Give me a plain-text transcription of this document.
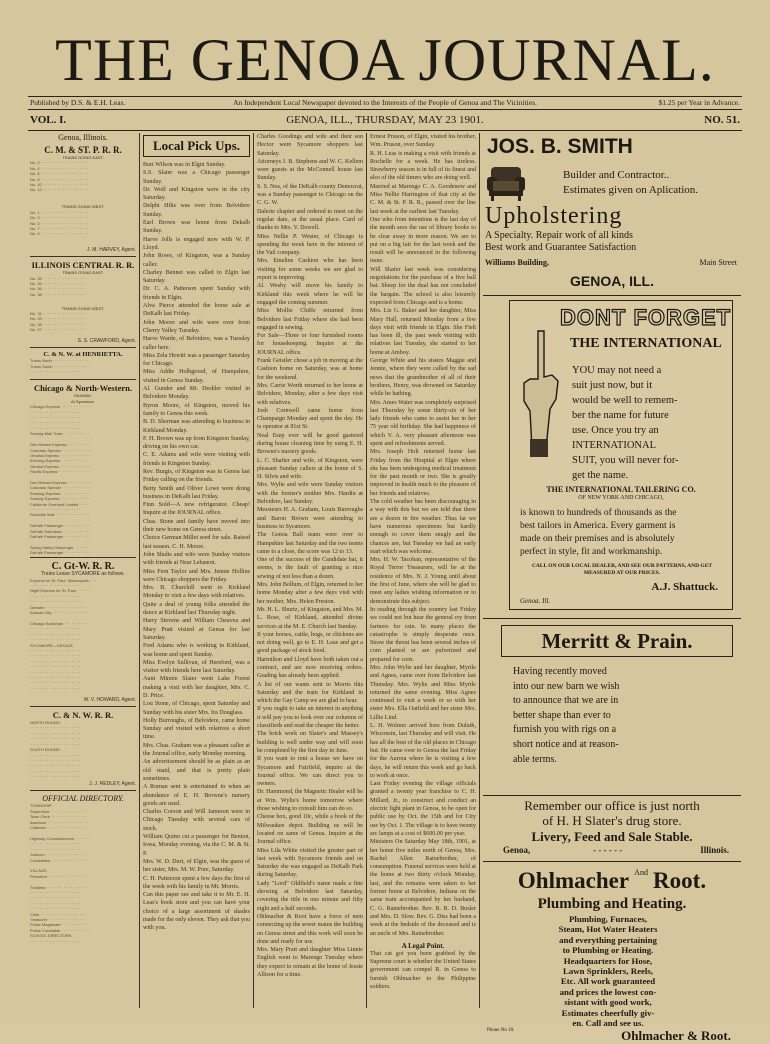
THE GENOA JOURNAL.
Published by D.S. & E.H. Leas.	An Independent Local Newspaper devoted to the Interests of the People of Genoa and The Vicinities.	$1.25 per Year in Advance.
VOL. I.	GENOA, ILL., THURSDAY, MAY 23 1901.	NO. 51.
Genoa, Illinois.
C. M. & ST. P. R. R.
TRAINS GOING EAST.
No. 2 · · · · · · · · · · · · · · · · · · · ·
No. 4 · · · · · · · · · · · · · · · · · · · ·
No. 6 · · · · · · · · · · · · · · · · · · · ·
No. 8 · · · · · · · · · · · · · · · · · · · ·
No. 10 · · · · · · · · · · · · · · · · · · ·
No. 12 · · · · · · · · · · · · · · · · · · ·
TRAINS GOING WEST.
No. 1 · · · · · · · · · · · · · · · · · · · ·
No. 3 · · · · · · · · · · · · · · · · · · · ·
No. 5 · · · · · · · · · · · · · · · · · · · ·
No. 7 · · · · · · · · · · · · · · · · · · · ·
No. 9 · · · · · · · · · · · · · · · · · · · ·
J. M. HARVEY, Agent.
ILLINOIS CENTRAL R. R.
TRAINS GOING EAST.
No. 32 · · · · · · · · · · · · · · · · · ·
No. 34 · · · · · · · · · · · · · · · · · ·
No. 36 · · · · · · · · · · · · · · · · · ·
No. 38 · · · · · · · · · · · · · · · · · ·
TRAINS GOING WEST.
No. 31 · · · · · · · · · · · · · · · · · ·
No. 33 · · · · · · · · · · · · · · · · · ·
No. 35 · · · · · · · · · · · · · · · · · ·
No. 37 · · · · · · · · · · · · · · · · · ·
S. S. CRAWFORD, Agent.
C. & N. W. at HENRIETTA.
Trains North · · · · · · · · · · · · · · ·
Trains South · · · · · · · · · · · · · · ·
· · · · · · · · · · · · · · · · · · · · ·
Chicago & North-Western.
RAILWAY.
At Sycamore.
Chicago Express · · · · · · · · · · · · ·
· · · · · · · · · · · · · · · · · · · · ·
· · · · · · · · · · · · · · · · · · · · ·
· · · · · · · · · · · · · · · · · · · · ·
· · · · · · · · · · · · · · · · · · · · ·
Sunday Mail Train · · · · · · · · · · ·

Des Moines Express · · · · · · · · · ·
Colorado Special · · · · · · · · · · · ·
Omaha Express · · · · · · · · · · · · ·
Evening Express · · · · · · · · · · · ·
Omaha Express · · · · · · · · · · · · ·
Pacific Express · · · · · · · · · · · · ·

Des Moines Express · · · · · · · · · ·
Colorado Special · · · · · · · · · · · ·
Evening Express · · · · · · · · · · · ·
Sunday Express · · · · · · · · · · · · ·
California Overland Limited · · · · ·
· · · · · · · · · · · · · · · · · · · · ·
Rockville Mail · · · · · · · · · · · · · ·

DeKalb Passenger · · · · · · · · · · ·
DeKalb Suburban · · · · · · · · · · · ·
DeKalb Passenger · · · · · · · · · · ·

Spring Valley Passenger · · · · · · ·
DeKalb Passenger · · · · · · · · · · ·
C. Gt-W. R. R.
Trains Leave SYCAMORE as follows.
Express for St. Paul, Minneapolis · · ·
· · · · · · · · · · · · · · · · · · · · ·
Night Express for St. Paul · · · · · ·
· · · · · · · · · · · · · · · · · · · · ·
· · · · · · · · · · · · · · · · · · · · ·
Oelwein · · · · · · · · · · · · · · · · ·
Kansas City · · · · · · · · · · · · · · ·

Chicago Suburban · · · · · · · · · · ·
· · · · · · · · · · · · · · · · · · · · ·
· · · · · · · · · · · · · · · · · · · · ·
· · · · · · · · · · · · · · · · · · · · ·
SYCAMORE—DEKALB
· · · · · · · · · · · · · · · · · · · · ·
· · · · · · · · · · · · · · · · · · · · ·
· · · · · · · · · · · · · · · · · · · · ·
· · · · · · · · · · · · · · · · · · · · ·
· · · · · · · · · · · · · · · · · · · · ·
· · · · · · · · · · · · · · · · · · · · ·
· · · · · · · · · · · · · · · · · · · · ·
· · · · · · · · · · · · · · · · · · · · ·
W. V. HOWARD, Agent.
C. & N. W. R. R.
NORTH BOUND.
· · · · · · · · · · · · · · · · · · · · ·
· · · · · · · · · · · · · · · · · · · · ·
· · · · · · · · · · · · · · · · · · · · ·
· · · · · · · · · · · · · · · · · · · · ·
SOUTH BOUND.
· · · · · · · · · · · · · · · · · · · · ·
· · · · · · · · · · · · · · · · · · · · ·
· · · · · · · · · · · · · · · · · · · · ·
· · · · · · · · · · · · · · · · · · · · ·
· · · · · · · · · · · · · · · · · · · · ·
J. J. REDLEY, Agent.
OFFICIAL DIRECTORY.
TOWNSHIP.
Supervisor · · · · · · · · · · · · · · ·
Town Clerk · · · · · · · · · · · · · · ·
Assessor · · · · · · · · · · · · · · · · ·
Collector · · · · · · · · · · · · · · · · ·

Highway Commissioners · · · · · · ·
· · · · · · · · · · · · · · · · · · · · ·
· · · · · · · · · · · · · · · · · · · · ·
Justices · · · · · · · · · · · · · · · · ·
Constables · · · · · · · · · · · · · · ·

VILLAGE.
President · · · · · · · · · · · · · · · ·

Trustees · · · · · · · · · · · · · · · · ·
· · · · · · · · · · · · · · · · · · · · ·
· · · · · · · · · · · · · · · · · · · · ·
· · · · · · · · · · · · · · · · · · · · ·
· · · · · · · · · · · · · · · · · · · · ·
Clerk · · · · · · · · · · · · · · · · · · ·
Treasurer · · · · · · · · · · · · · · · ·
Police Magistrate · · · · · · · · · · ·
Police Constable · · · · · · · · · · · ·
SCHOOL DIRECTORS.
· · · · · · · · · · · · · · · · · · · · ·
Local Pick Ups.

Burt Wilson was in Elgin Sunday.
S.S. Slater was a Chicago passenger Sunday.
Dr. Wolf and Kingston were in the city Saturday.
Delphi Hilts was over from Belvidere Sunday.
Earl Brown was home from Dekalb Sunday.
Harve Jolls is engaged now with W. P. Lloyd.
John Rowe, of Kingston, was a Sunday caller.
Charley Bennet was called to Elgin last Saturday.
Dr. C. A. Patterson spent Sunday with friends in Elgin.
Alva Pierce attended the horse sale at DeKalb last Friday.
John Moore and wife were over from Cherry Valley Tuesday.
Harve Warde, of Belvidere, was a Tuesday caller here.
Miss Zela Hewitt was a passenger Saturday for Chicago.
Miss Addie Holbgrood, of Hampshire, visited in Genoa Sunday.
Al. Gunder and Mr. Deshler visited in Belvidere Monday.
Byron Moore, of Kingston, moved his family to Genoa this week.
B. D. Sherman was attending to business in Kirkland Monday.
F. H. Brown was up from Kingston Sunday, driving on his own car.
C. E. Adams and wife were visiting with friends in Kingston Sunday.
Rev. Burgis, of Kingston was in Genoa last Friday calling on the friends.
Betty Smith and Oliver Lowe were doing business in DeKalb last Friday.
Finn Sold—A new refrigerator. Cheap! Inquire at the JOURNAL office.
Chas. Stone and family have moved into their new home on Genoa street.
Choice German Millet seed for sale. Raised last season. C. H. Moore.
John Shults and wife were Sunday visitors with friends at Near Lebanon.
Miss Fern Taylor and Mrs. Jennie Hollins were Chicago shoppers the Friday.
Mrs. B. Churchill went to Kirkland Monday to visit a few days with relatives.
Quite a deal of young folks attended the dance at Kirkland last Thursday night.
Harry Stevens and William Cheavea and Mary Pratt visited at Genoa for last Saturday.
Fred Adams who is working in Kirkland, was home and spent Sunday.
Miss Evelyn Sullivan, of Hereford, was a visitor with friends here last Saturday.
Aunt Minnie Slater went Lake Forest making a visit with her daughter, Mrs. C. D. Price.
Lou Stone, of Chicago, spent Saturday and Sunday with his sister Mrs. Ira Douglass.
Holly Burroughs, of Belvidere, came home Sunday and visited with relatives a short time.
Mrs. Chas. Graham was a pleasant caller at the Journal office, early Monday morning.
An advertisement should be as plain as an old maid, and that is pretty plain sometimes.
A Roman sent is entertained in when an abundance of E. H. Browne's nursery goods are used.
Charles Corson and Will Jameson were in Chicago Tuesday with several cars of stock.
William Quinn cut a passenger for Benton, Iowa, Monday evening, via the C. M. & St. P.
Mrs. W. D. Durt, of Elgin, was the guest of her sister, Mrs. M. W. Pore, Saturday.
C. H. Patterson spent a few days the first of the week with his family in Mt. Morris.
Can this paper see and take it to Mr. E. H. Leas's book store and you can have your choice of a large assortment of shades made for the only eleven. They ask that you with you.

Charles Goodings and wife and their son Hector were Sycamore shoppers last Saturday.
Attorneys J. B. Stephens and W. C. Kellem were guests at the McConnell house last Sunday.
S. S. Nea, of the DeKalb county Democrat, was a Sunday passenger to Chicago on the C. G. W.
Dalerie chapter and ordered to meet on the regular date, at the usual place. Card of thanks to Mrs. V. Dowell.
Miss Nellie P. Wester, of Chicago is spending the week here in the interest of the Vail company.
Mrs. Emeline Cashion who has been visiting for some weeks we are glad to report is improving.
Al. Wesby will move his family to Kirkland this week where he will be engaged the coming summer.
Miss Mollie Chiffe returned from Belvidere last Friday where she had been engaged in sewing.
For Sale—Three or four furnished rooms for housekeeping. Inquire at the JOURNAL office.
Frank Geistler chose a job in moving at the Cashion home on Saturday, was at home for the weekend.
Mrs. Carrie Worth returned to her home at Belvidere, Monday, after a few days visit with relatives.
Josh Cornwell came home from Champaign Monday and spent the day. He is operator at 81st St.
Neal Esep ever will be good gastered during house cleaning time by using E. H. Browne's nursery goods.
L. C. Shafter and wife, of Kingston, were pleasant Sunday callers at the home of S. H. Silvis and wife.
Mrs. Wylie and wife were Sunday visitors with the former's mother Mrs. Hardin at Belvidere, last Sunday.
Messieurs H. A. Graham, Louis Burroughs and Baron Brown were attending to business in Sycamore.
The Genoa Ball team were over to Hampshire last Saturday and the two teams came to a close, the score was 12 to 13.
One of the success of the Candidate hat, it seems, is the fault of granting a nice sewing of not less than a dozen.
Mrs. John Bollum, of Elgin, returned to her home Monday after a few days visit with her mother, Mrs. Helen Preston.
Mr. H. L. Shurtz, of Kingston, and Mrs. M. L. Rose, of Kirkland, attended divine services at the M. E. Church last Sunday.
If your horses, cattle, hogs, or chickens are not doing well, go to E. H. Leas and get a good package of stock food.
Harmilton and Lloyd have both taken out a contract, and are now receiving orders. Grading has already been applied.
A list of our wants sent to Morris this Saturday and the train for Kirkland in which the Gay Camp we are glad to hear.
If you ought to take an interest in anything it will pay you to look over our columns of classifieds and read the cheaper the better.
The brick work on Slater's and Massey's building is well under way and will soon be completed by the first day in June.
If you want to rent a house we have on Sycamore and Fairfield, inquire at the Journal office. We can direct you to owners.
Dr. Hammond, the Magnetic Healer will be at Wm. Wylie's home tomorrow where those wishing to consult him can do so.
Cheese box, good 10c, while a book of the Milwaukee depot. Building us will be located on same of Genoa. Inquire at the Journal office.
Miss Lila White visited the greater part of last week with Sycamore friends and on Saturday she was engaged as DeKalb Park during Saturday.
Lady "Lord" Oldfield's name made a fine showing at Belvidere last Saturday, covering the title in one minute and fifty eight and a half seconds.
Ohlmacher & Root have a force of men connecting up the sewer mains the building on Genoa street and this work will soon be done and ready for use.
Mrs. Mary Pratt and daughter Miss Linnie English went to Marengo Tuesday where they expect to remain at the home of Jessie Allison for a time.

Ernest Pruson, of Elgin, visited his brother, Wm. Pruson, over Sunday.
R. H. Leas is making a visit with friends at Rochelle for a week. He has tireless. Strawberry season is in full of its finest and also of the old timers who are doing well.
Married at Marengo C. A. Goodenow and Miss Nellie Harrington of that city at the C. M. & St. P. R. R., passed over the line last week at the earliest last Tuesday.
One who from intentions is the last day of the month sees the use of library books to be clear away in more reason. We are to put on a big fair for the last week and the result will be announced in the following issue.
Will Shafer last week was considering negotiations for the purchase of a five ball bat. Sheep for the dual has not concluded the bargain. The school is also leisurely expected from Chicago and is a home.
Mrs. Liz G. Baker and her daughter, Miss Mary Hall, returned Monday from a few days visit with friends in Elgin. She Fielt has been ill, the past week visiting with relatives last Tuesday, she started to her home at Amboy.
George White and his sisters Maggie and Jennie, where they were called by the sad news that the grandmother of all of their brothers, Henry, was drowned on Saturday while he bathing.
Mrs. Ames Water was completely surprised last Thursday by some thirty-six of her lady friends who came to assist her in her 75 year old birthday. She had happiness of which V. A. very pleasant afternoon was spent and refreshments served.
Mrs. Joseph Holt returned home last Friday from the Hospital at Elgin where she has been undergoing medical treatment for the past month or two. She is greatly improved in health much to the pleasure of her friends and relatives.
The cold weather has been discouraging in a way with this but we are told that there are a dozen in fire weather. Thus far we have numerous specimens but hardly enough to cover them snugly and the chances are, but Tuesday we had an early start which was welcome.
Mrs. H. W. Tacoban, representative of the Royal Terror Treasurers, will be at the residence of Mrs. N. J. Young until about the first of June, where she will be glad to meet any ladies wishing information or to demonstrate this subject.
In reading through the country last Friday we could not but hear the general cry from farmers for rain. In many places the catastrophe is simply desperate once. Straw the threat has been several inches of corn planted or are pulverized and prepared for corn.
Mrs. John Wylie and her daughter, Myrtle and Agnes, came over from Belvidere last Thursday. Mrs. Wylie and Miss Myrtle returned the same evening. Miss Agnes continued to visit a week or so with her sister Mrs. Ella Oatfield and her sister Mrs. Lillie Lind.
L. H. Wolmer arrived here from Duluth, Wisconsin, last Thursday and will visit. He has all the best of the old places in Chicago but. He came over to Genoa the last Friday for the Aurora where he is visiting a few days, he will return this week and go back to work at once.
Last Friday evening the village officials granted a twenty year franchise to C. H. Millard, Jr., to construct and conduct an electric light plant in Genoa, to be open for public use by Oct. the 15th and for City use by Oct. 1. The village is to have twenty arc lamps at a cost of $600.00 per year.
Ministers On Saturday May 18th, 1901, at her home five miles north of Genoa, Mrs. Rachel Allen Rainebrother, of consumption. Funeral services were held at the home at two thirty o'clock Monday, last, and the remains were taken to her former home at Belvidere, Indiana on the same train accompanied by her husband, C. G. Rainebrother. Rev. R. R. D. Busler and Mrs. D. Slow. Rev. G. Diss had been a week at the bedside of the deceased and is an uncle of Mrs. Rainebrother.

A Legal Point.

That cat got you been grabbed by the Supreme court is whether the United States government can compel R. in Genoa to furnish Ohlmacher to the Philippine soldiers.

JOS. B. SMITH
Builder and Contractor..
Estimates given on Aplication.
Upholstering
A Specialty. Repair work of all kinds
Best work and Guarantee Satisfaction
Williams Building,	Main Street
GENOA, ILL.
DONT FORGET
THE INTERNATIONAL
YOU may not need a
suit just now, but it
would be well to remem-
ber the name for future
use. Once you try an
INTERNATIONAL
SUIT, you will never for-
get the name.
THE INTERNATIONAL TAILERING CO.
OF NEW YORK AND CHICAGO,
is known to hundreds of thousands as the
best tailors in America. Every garment is
made on their premises and is absolutely
perfect in style, fit and workmanship.
CALL ON OUR LOCAL DEALER, AND SEE OUR PATTERNS, AND GET MEASURED AT OUR PRICES.
A.J. Shattuck.
Genoa. Ill.
Merritt & Prain.
Having recently moved
into our new barn we wish
to announce that we are in
better shape than ever to
furnish you with rigs on a
short notice and at reason-
able terms.
Remember our office is just north
of H. H Slater's drug store.
Livery, Feed and Sale Stable.
Genoa,	- - - - - -	Illinois.
Ohlmacher $^{And}$ Root.
Plumbing and Heating.
Plumbing, Furnaces,
Steam, Hot Water Heaters
and everything pertaining
to Plumbing or Heating.
Headquarters for Hose,
Lawn Sprinklers, Reels,
Etc. All work guaranteed
and prices the lowest con-
sistant with good work,
Estimates cheerfully giv-
en. Call and see us.
Phone No 10.	Ohlmacher & Root.
